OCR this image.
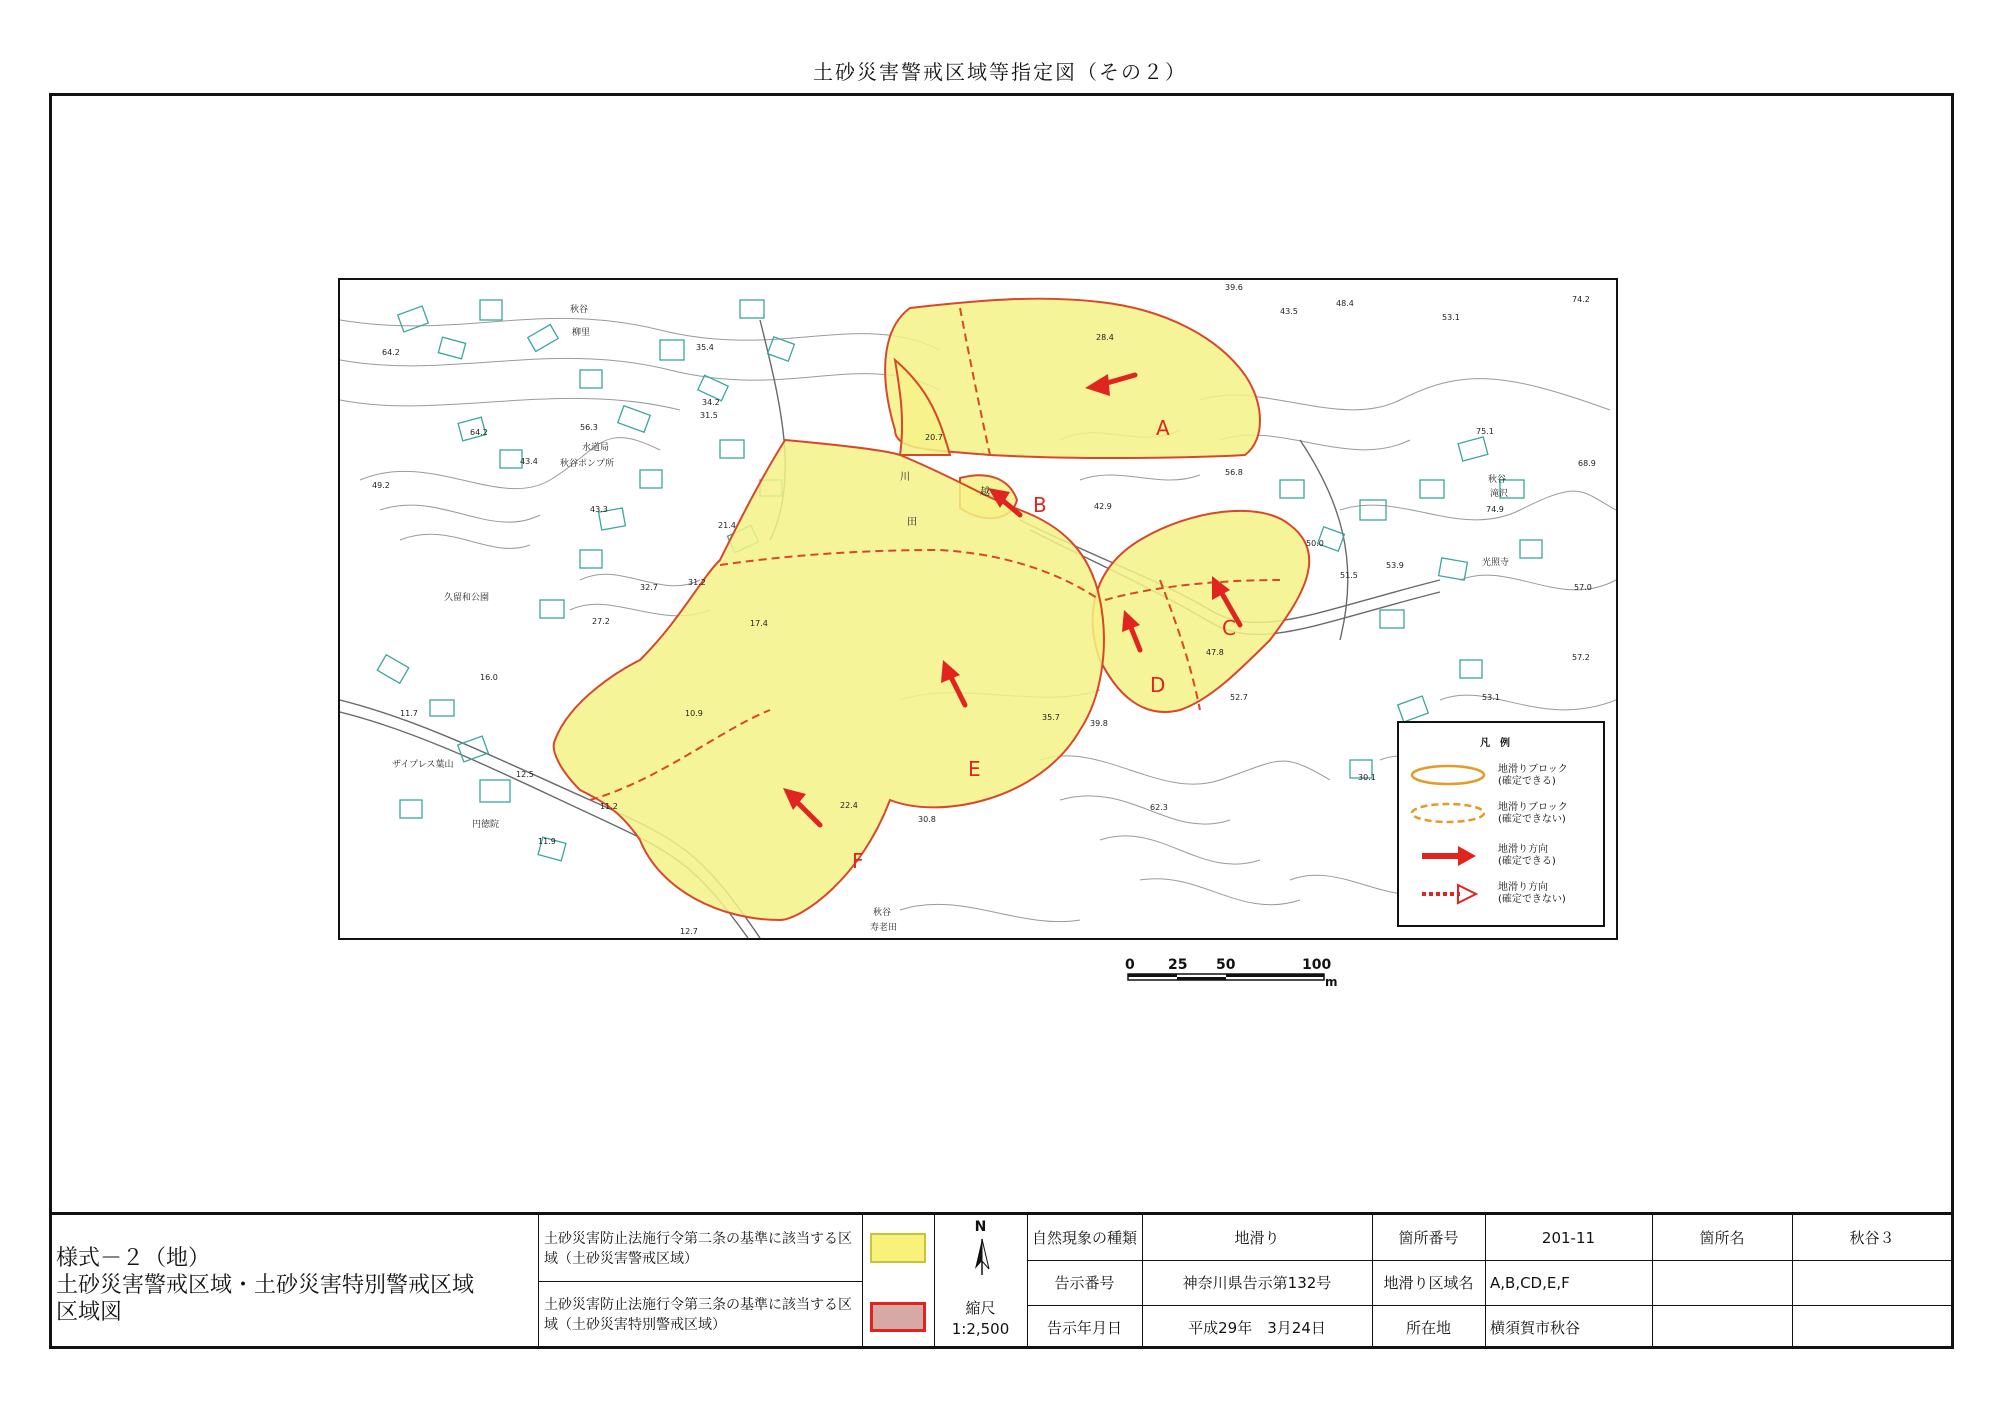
土砂災害警戒区域等指定図（その２）
A
B
C
D
E
F
秋谷
柳里
水道局
秋谷ポンプ所
久留和公園
ザイプレス葉山
円徳院
秋谷
寿老田
秋谷
滝沢
光照寺
64.2
64.2
56.3
49.2
43.4
43.3
35.4
34.2
31.5
21.4
32.7
31.2
27.2	17.4
16.0
11.7
12.5
10.9
11.2
11.9
20.7
28.4
39.6
43.5
48.4
53.1
74.2
75.1
68.9
74.9
57.0
57.2
53.1
56.8
42.9
50.0
51.5
53.9
47.8
52.7
35.7
39.8
62.3
30.1
22.4
30.8
12.7
川
田
越
凡　例
地滑りブロック
(確定できる)
地滑りブロック
(確定できない)
地滑り方向
(確定できる)
地滑り方向
(確定できない)
0 25 50	100
m
様式－２（地）
土砂災害警戒区域・土砂災害特別警戒区域
区域図
土砂災害防止法施行令第二条の基準に該当する区域（土砂災害警戒区域）
土砂災害防止法施行令第三条の基準に該当する区域（土砂災害特別警戒区域）
N
縮尺
1:2,500
自然現象の種類	地滑り	箇所番号	201-11	箇所名	秋谷３
告示番号	神奈川県告示第132号	地滑り区域名	A,B,CD,E,F
告示年月日	平成29年　3月24日	所在地	横須賀市秋谷
